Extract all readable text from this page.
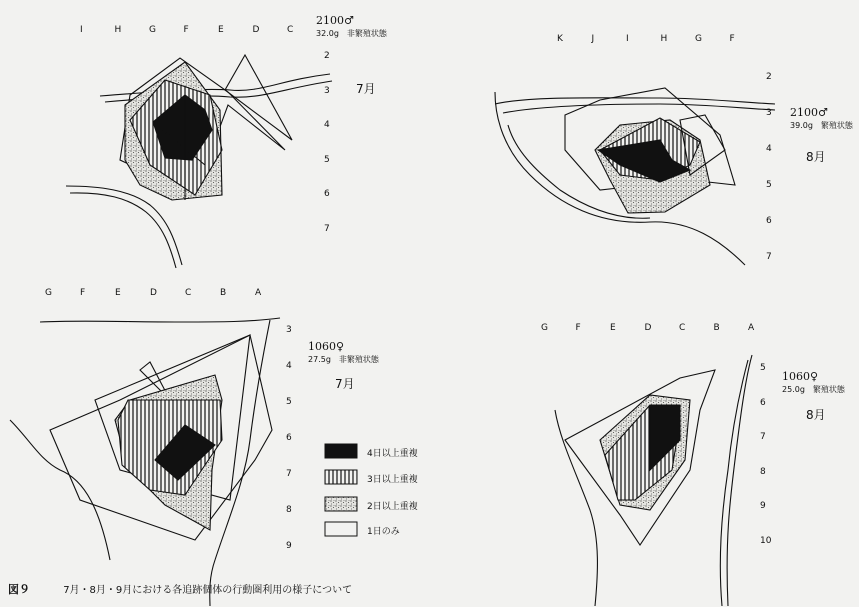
I	H	G	F	E	D	C
2
3
4
5
6
7
K	J	I	H	G	F
2
3
4
5
6
7
G	F	E	D	C	B	A
3
4
5
6
7
8
9
G	F	E	D	C	B	A
5
6
7
8
9
10
2100♂
32.0g　非繁殖状態
7月
2100♂
39.0g　繁殖状態
8月
1060♀
27.5g　非繁殖状態
7月
1060♀
25.0g　繁殖状態
8月
4日以上重複
3日以上重複
2日以上重複
1日のみ
図９	7月・8月・9月における各追跡個体の行動圏利用の様子について
